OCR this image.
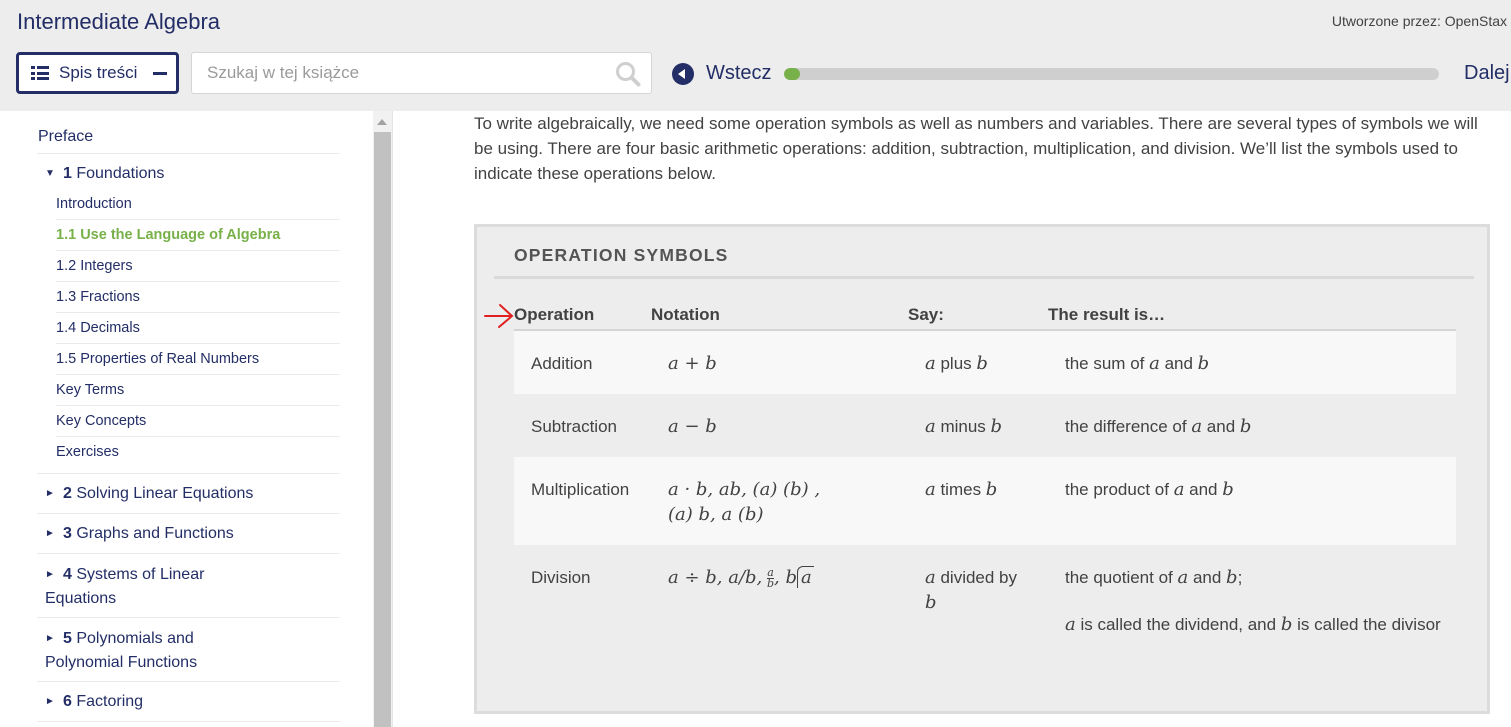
Intermediate Algebra	Utworzone przez: OpenStax
Spis treści
Szukaj w tej książce	Wstecz	Dalej
Preface
▼ 1 Foundations
Introduction
1.1 Use the Language of Algebra
1.2 Integers
1.3 Fractions
1.4 Decimals
1.5 Properties of Real Numbers
Key Terms
Key Concepts
Exercises
► 2 Solving Linear Equations
► 3 Graphs and Functions
► 4 Systems of Linear
Equations
► 5 Polynomials and
Polynomial Functions
► 6 Factoring

To write algebraically, we need some operation symbols as well as numbers and variables. There are several types of symbols we will be using. There are four basic arithmetic operations: addition, subtraction, multiplication, and division. We’ll list the symbols used to indicate these operations below.

OPERATION SYMBOLS
Operation	Notation	Say:	The result is…
Addition	a + b	a plus b	the sum of a and b
Subtraction	a − b	a minus b	the difference of a and b
Multiplication	a · b, ab, (a) (b) ,
(a) b, a (b)	a times b	the product of a and b
Division	a ÷ b, a/b, $\frac{a}{b}$ , b a	a divided by
b	the quotient of a and b;
a is called the dividend, and b is called the divisor
